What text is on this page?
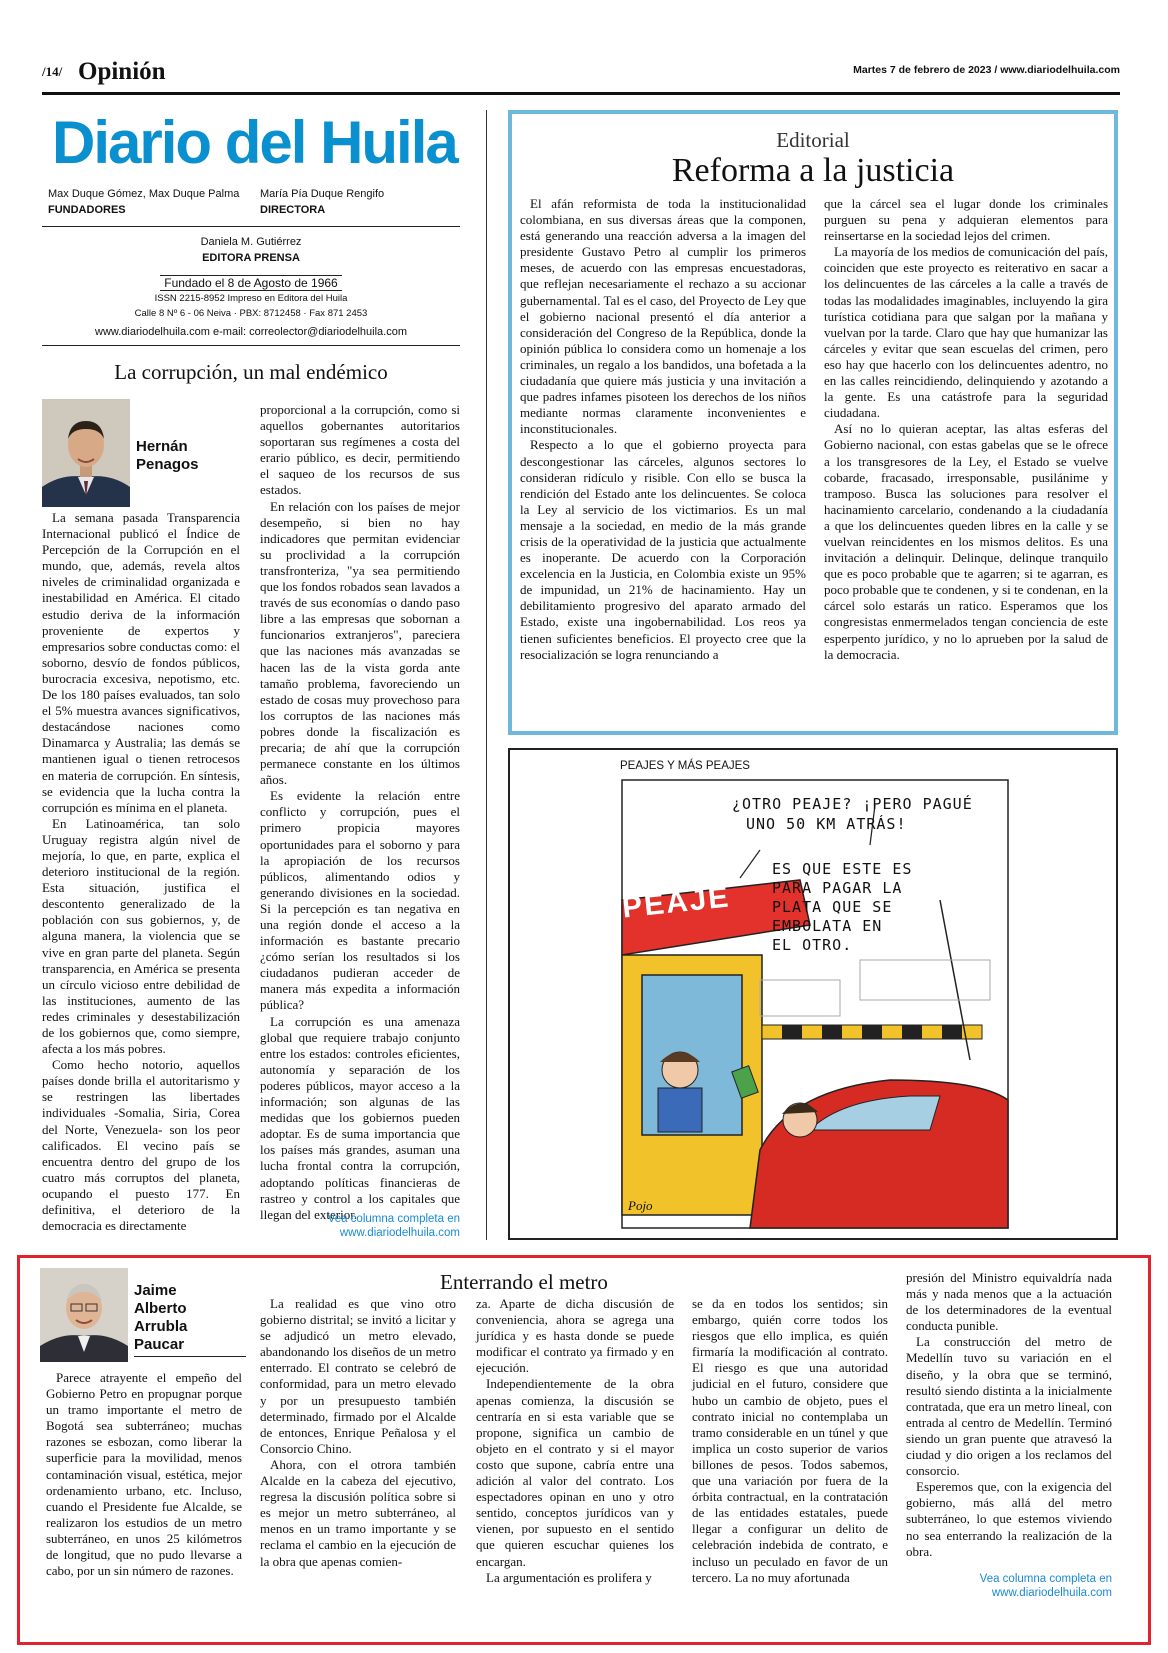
/14/ Opinión	Martes 7 de febrero de 2023 / www.diariodelhuila.com
Diario del Huila
Max Duque Gómez, Max Duque Palma
FUNDADORES
María Pía Duque Rengifo
DIRECTORA
Daniela M. Gutiérrez
EDITORA PRENSA
Fundado el 8 de Agosto de 1966
ISSN 2215-8952 Impreso en Editora del Huila
Calle 8 Nº 6 - 06 Neiva · PBX: 8712458 · Fax 871 2453
www.diariodelhuila.com e-mail: correolector@diariodelhuila.com
La corrupción, un mal endémico
Hernán
Penagos

La semana pasada Transparencia Internacional publicó el Índice de Percepción de la Corrupción en el mundo, que, además, revela altos niveles de criminalidad organizada e inestabilidad en América. El citado estudio deriva de la información proveniente de expertos y empresarios sobre conductas como: el soborno, desvío de fondos públicos, burocracia excesiva, nepotismo, etc. De los 180 países evaluados, tan solo el 5% muestra avances significativos, destacándose naciones como Dinamarca y Australia; las demás se mantienen igual o tienen retrocesos en materia de corrupción. En síntesis, se evidencia que la lucha contra la corrupción es mínima en el planeta.

En Latinoamérica, tan solo Uruguay registra algún nivel de mejoría, lo que, en parte, explica el deterioro institucional de la región. Esta situación, justifica el descontento generalizado de la población con sus gobiernos, y, de alguna manera, la violencia que se vive en gran parte del planeta. Según transparencia, en América se presenta un círculo vicioso entre debilidad de las instituciones, aumento de las redes criminales y desestabilización de los gobiernos que, como siempre, afecta a los más pobres.

Como hecho notorio, aquellos países donde brilla el autoritarismo y se restringen las libertades individuales -Somalia, Siria, Corea del Norte, Venezuela- son los peor calificados. El vecino país se encuentra dentro del grupo de los cuatro más corruptos del planeta, ocupando el puesto 177. En definitiva, el deterioro de la democracia es directamente

proporcional a la corrupción, como si aquellos gobernantes autoritarios soportaran sus regímenes a costa del erario público, es decir, permitiendo el saqueo de los recursos de sus estados.

En relación con los países de mejor desempeño, si bien no hay indicadores que permitan evidenciar su proclividad a la corrupción transfronteriza, "ya sea permitiendo que los fondos robados sean lavados a través de sus economías o dando paso libre a las empresas que sobornan a funcionarios extranjeros", pareciera que las naciones más avanzadas se hacen las de la vista gorda ante tamaño problema, favoreciendo un estado de cosas muy provechoso para los corruptos de las naciones más pobres donde la fiscalización es precaria; de ahí que la corrupción permanece constante en los últimos años.

Es evidente la relación entre conflicto y corrupción, pues el primero propicia mayores oportunidades para el soborno y para la apropiación de los recursos públicos, alimentando odios y generando divisiones en la sociedad. Si la percepción es tan negativa en una región donde el acceso a la información es bastante precario ¿cómo serían los resultados si los ciudadanos pudieran acceder de manera más expedita a información pública?

La corrupción es una amenaza global que requiere trabajo conjunto entre los estados: controles eficientes, autonomía y separación de los poderes públicos, mayor acceso a la información; son algunas de las medidas que los gobiernos pueden adoptar. Es de suma importancia que los países más grandes, asuman una lucha frontal contra la corrupción, adoptando políticas financieras de rastreo y control a los capitales que llegan del exterior.

Vea columna completa en
www.diariodelhuila.com
Editorial
Reforma a la justicia

El afán reformista de toda la institucionalidad colombiana, en sus diversas áreas que la componen, está generando una reacción adversa a la imagen del presidente Gustavo Petro al cumplir los primeros meses, de acuerdo con las empresas encuestadoras, que reflejan necesariamente el rechazo a su accionar gubernamental. Tal es el caso, del Proyecto de Ley que el gobierno nacional presentó el día anterior a consideración del Congreso de la República, donde la opinión pública lo considera como un homenaje a los criminales, un regalo a los bandidos, una bofetada a la ciudadanía que quiere más justicia y una invitación a que padres infames pisoteen los derechos de los niños mediante normas claramente inconvenientes e inconstitucionales.

Respecto a lo que el gobierno proyecta para descongestionar las cárceles, algunos sectores lo consideran ridículo y risible. Con ello se busca la rendición del Estado ante los delincuentes. Se coloca la Ley al servicio de los victimarios. Es un mal mensaje a la sociedad, en medio de la más grande crisis de la operatividad de la justicia que actualmente es inoperante. De acuerdo con la Corporación excelencia en la Justicia, en Colombia existe un 95% de impunidad, un 21% de hacinamiento. Hay un debilitamiento progresivo del aparato armado del Estado, existe una ingobernabilidad. Los reos ya tienen suficientes beneficios. El proyecto cree que la resocialización se logra renunciando a

que la cárcel sea el lugar donde los criminales purguen su pena y adquieran elementos para reinsertarse en la sociedad lejos del crimen.

La mayoría de los medios de comunicación del país, coinciden que este proyecto es reiterativo en sacar a los delincuentes de las cárceles a la calle a través de todas las modalidades imaginables, incluyendo la gira turística cotidiana para que salgan por la mañana y vuelvan por la tarde. Claro que hay que humanizar las cárceles y evitar que sean escuelas del crimen, pero eso hay que hacerlo con los delincuentes adentro, no en las calles reincidiendo, delinquiendo y azotando a la gente. Es una catástrofe para la seguridad ciudadana.

Así no lo quieran aceptar, las altas esferas del Gobierno nacional, con estas gabelas que se le ofrece a los transgresores de la Ley, el Estado se vuelve cobarde, fracasado, irresponsable, pusilánime y tramposo. Busca las soluciones para resolver el hacinamiento carcelario, condenando a la ciudadanía a que los delincuentes queden libres en la calle y se vuelvan reincidentes en los mismos delitos. Es una invitación a delinquir. Delinque, delinque tranquilo que es poco probable que te agarren; si te agarran, es poco probable que te condenen, y si te condenan, en la cárcel solo estarás un ratico. Esperamos que los congresistas enmermelados tengan conciencia de este esperpento jurídico, y no lo aprueben por la salud de la democracia.

PEAJES Y MÁS PEAJES
¿OTRO PEAJE? ¡PERO PAGUÉ
UNO 50 KM ATRÁS!
ES QUE ESTE ES
PARA PAGAR LA
PLATA QUE SE
EMBOLATA EN
EL OTRO.
PEAJE
Pojo
Jaime
Alberto
Arrubla
Paucar
Enterrando el metro

Parece atrayente el empeño del Gobierno Petro en propugnar porque un tramo importante el metro de Bogotá sea subterráneo; muchas razones se esbozan, como liberar la superficie para la movilidad, menos contaminación visual, estética, mejor ordenamiento urbano, etc. Incluso, cuando el Presidente fue Alcalde, se realizaron los estudios de un metro subterráneo, en unos 25 kilómetros de longitud, que no pudo llevarse a cabo, por un sin número de razones.

La realidad es que vino otro gobierno distrital; se invitó a licitar y se adjudicó un metro elevado, abandonando los diseños de un metro enterrado. El contrato se celebró de conformidad, para un metro elevado y por un presupuesto también determinado, firmado por el Alcalde de entonces, Enrique Peñalosa y el Consorcio Chino.

Ahora, con el otrora también Alcalde en la cabeza del ejecutivo, regresa la discusión política sobre si es mejor un metro subterráneo, al menos en un tramo importante y se reclama el cambio en la ejecución de la obra que apenas comien-

za. Aparte de dicha discusión de conveniencia, ahora se agrega una jurídica y es hasta donde se puede modificar el contrato ya firmado y en ejecución.

Independientemente de la obra apenas comienza, la discusión se centraría en si esta variable que se propone, significa un cambio de objeto en el contrato y si el mayor costo que supone, cabría entre una adición al valor del contrato. Los espectadores opinan en uno y otro sentido, conceptos jurídicos van y vienen, por supuesto en el sentido que quieren escuchar quienes los encargan.

La argumentación es prolifera y

se da en todos los sentidos; sin embargo, quién corre todos los riesgos que ello implica, es quién firmaría la modificación al contrato. El riesgo es que una autoridad judicial en el futuro, considere que hubo un cambio de objeto, pues el contrato inicial no contemplaba un tramo considerable en un túnel y que implica un costo superior de varios billones de pesos. Todos sabemos, que una variación por fuera de la órbita contractual, en la contratación de las entidades estatales, puede llegar a configurar un delito de celebración indebida de contrato, e incluso un peculado en favor de un tercero. La no muy afortunada

presión del Ministro equivaldría nada más y nada menos que a la actuación de los determinadores de la eventual conducta punible.

La construcción del metro de Medellín tuvo su variación en el diseño, y la obra que se terminó, resultó siendo distinta a la inicialmente contratada, que era un metro lineal, con entrada al centro de Medellín. Terminó siendo un gran puente que atravesó la ciudad y dio origen a los reclamos del consorcio.

Esperemos que, con la exigencia del gobierno, más allá del metro subterráneo, lo que estemos viviendo no sea enterrando la realización de la obra.

Vea columna completa en
www.diariodelhuila.com
